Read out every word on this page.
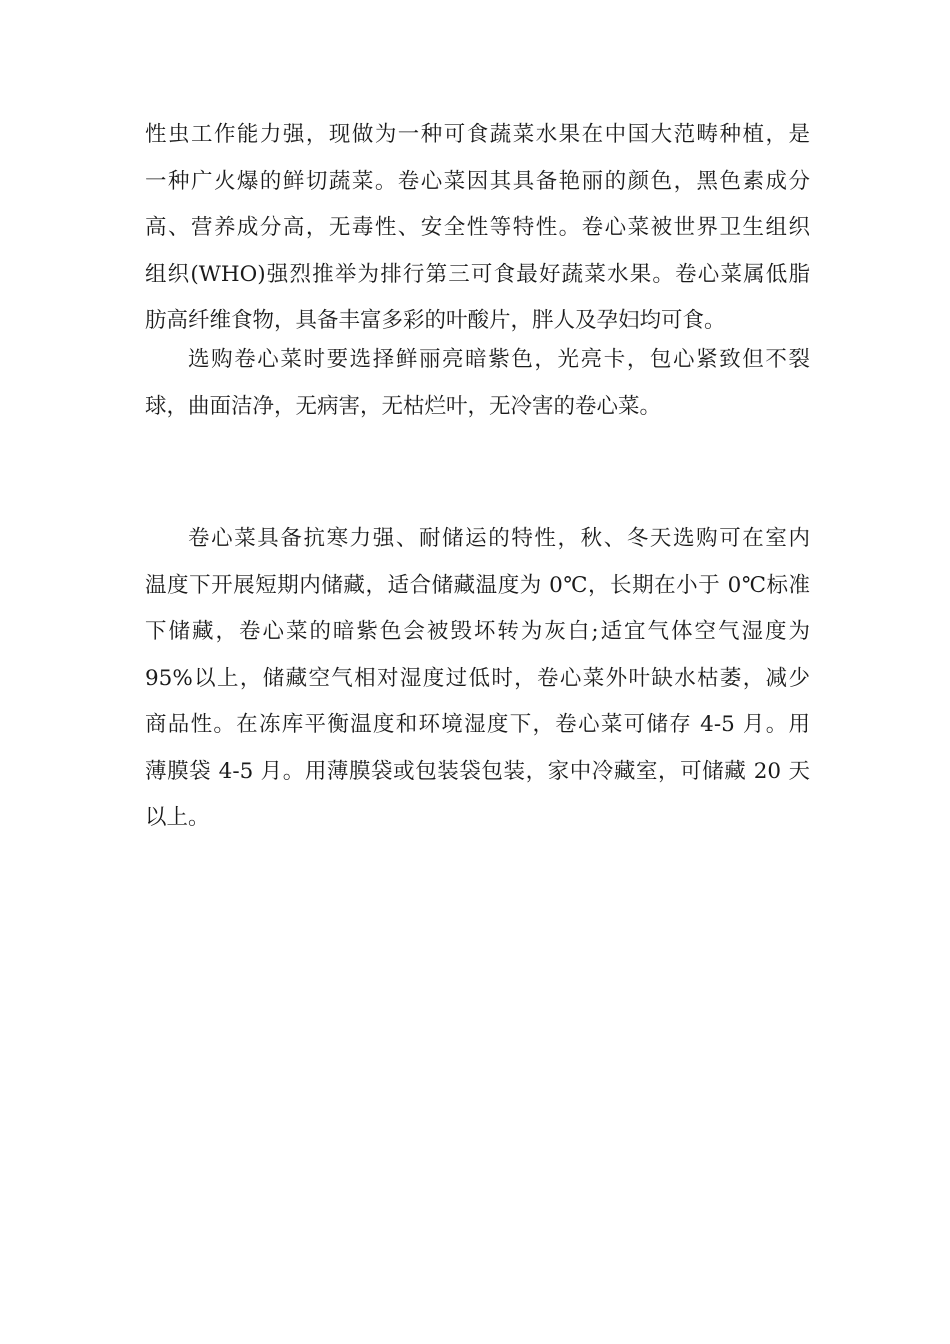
性虫工作能力强，现做为一种可食蔬菜水果在中国大范畴种植，是
一种广火爆的鲜切蔬菜。卷心菜因其具备艳丽的颜色，黑色素成分
高、营养成分高，无毒性、安全性等特性。卷心菜被世界卫生组织
组织(WHO)强烈推举为排行第三可食最好蔬菜水果。卷心菜属低脂
肪高纤维食物，具备丰富多彩的叶酸片，胖人及孕妇均可食。
选购卷心菜时要选择鲜丽亮暗紫色，光亮卡，包心紧致但不裂
球，曲面洁净，无病害，无枯烂叶，无冷害的卷心菜。
卷心菜具备抗寒力强、耐储运的特性，秋、冬天选购可在室内
温度下开展短期内储藏，适合储藏温度为 0℃，长期在小于 0℃标准
下储藏，卷心菜的暗紫色会被毁坏转为灰白;适宜气体空气湿度为
95%以上，储藏空气相对湿度过低时，卷心菜外叶缺水枯萎，减少
商品性。在冻库平衡温度和环境湿度下，卷心菜可储存 4-5 月。用
薄膜袋 4-5 月。用薄膜袋或包装袋包装，家中冷藏室，可储藏 20 天
以上。
